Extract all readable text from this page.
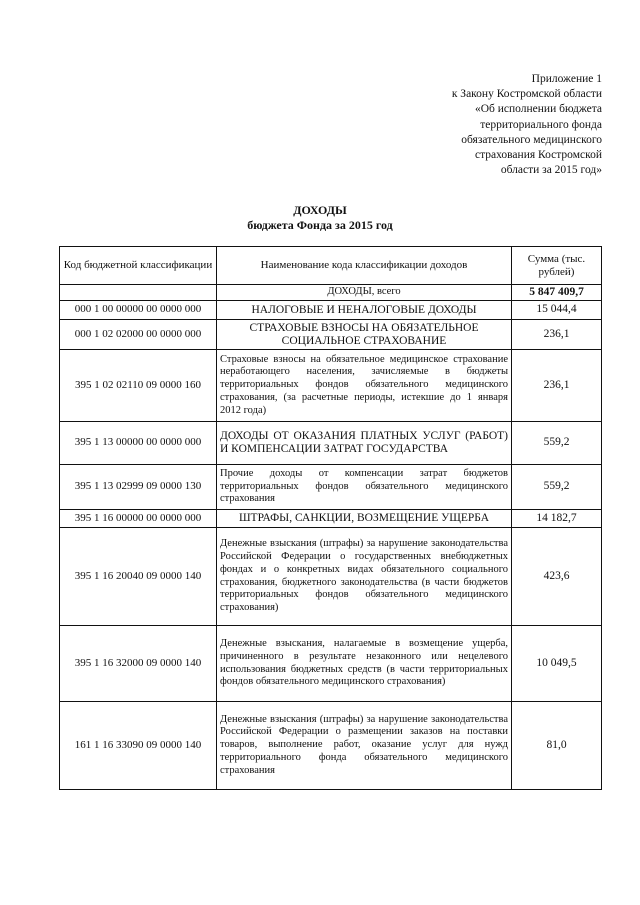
Приложение 1
к Закону Костромской области
«Об исполнении бюджета
территориального фонда
обязательного медицинского
страхования Костромской
области за 2015 год»
ДОХОДЫ
бюджета Фонда за 2015 год
Код бюджетной классификации	Наименование кода классификации доходов	Сумма (тыс. рублей)
	ДОХОДЫ, всего	5 847 409,7
000 1 00 00000 00 0000 000	НАЛОГОВЫЕ И НЕНАЛОГОВЫЕ ДОХОДЫ	15 044,4
000 1 02 02000 00 0000 000	СТРАХОВЫЕ ВЗНОСЫ НА ОБЯЗАТЕЛЬНОЕ СОЦИАЛЬНОЕ СТРАХОВАНИЕ	236,1
395 1 02 02110 09 0000 160	Страховые взносы на обязательное медицинское страхование неработающего населения, зачисляемые в бюджеты территориальных фондов обязательного медицинского страхования, (за расчетные периоды, истекшие до 1 января 2012 года)	236,1
395 1 13 00000 00 0000 000	ДОХОДЫ ОТ ОКАЗАНИЯ ПЛАТНЫХ УСЛУГ (РАБОТ) И КОМПЕНСАЦИИ ЗАТРАТ ГОСУДАРСТВА	559,2
395 1 13 02999 09 0000 130	Прочие доходы от компенсации затрат бюджетов территориальных фондов обязательного медицинского страхования	559,2
395 1 16 00000 00 0000 000	ШТРАФЫ, САНКЦИИ, ВОЗМЕЩЕНИЕ УЩЕРБА	14 182,7
395 1 16 20040 09 0000 140	Денежные взыскания (штрафы) за нарушение законодательства Российской Федерации о государственных внебюджетных фондах и о конкретных видах обязательного социального страхования, бюджетного законодательства (в части бюджетов территориальных фондов обязательного медицинского страхования)	423,6
395 1 16 32000 09 0000 140	Денежные взыскания, налагаемые в возмещение ущерба, причиненного в результате незаконного или нецелевого использования бюджетных средств (в части территориальных фондов обязательного медицинского страхования)	10 049,5
161 1 16 33090 09 0000 140	Денежные взыскания (штрафы) за нарушение законодательства Российской Федерации о размещении заказов на поставки товаров, выполнение работ, оказание услуг для нужд территориального фонда обязательного медицинского страхования	81,0
